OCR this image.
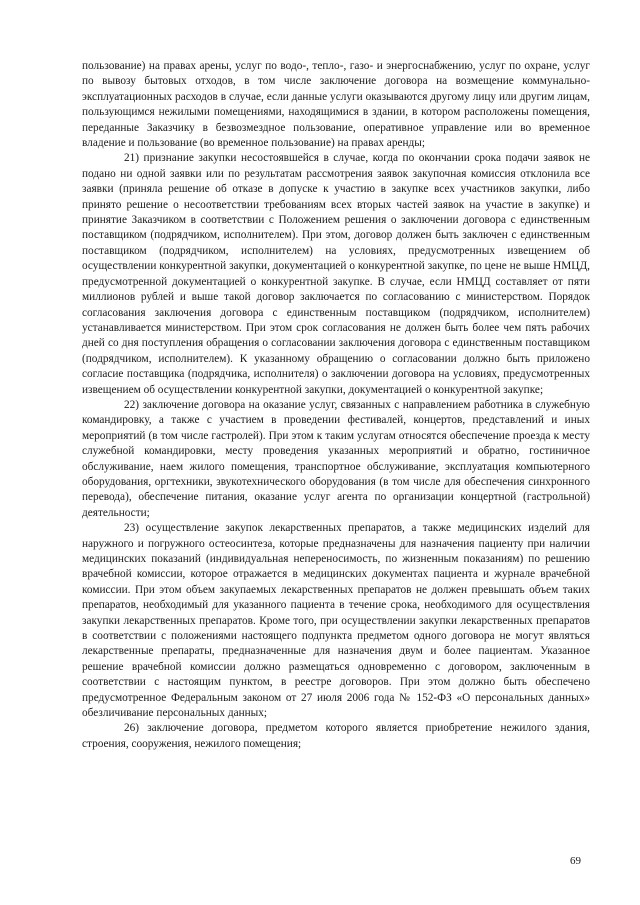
пользование) на правах арены, услуг по водо-, тепло-, газо- и энергоснабжению, услуг по охране, услуг по вывозу бытовых отходов, в том числе заключение договора на возмещение коммунально-эксплуатационных расходов в случае, если данные услуги оказываются другому лицу или другим лицам, пользующимся нежилыми помещениями, находящимися в здании, в котором расположены помещения, переданные Заказчику в безвозмездное пользование, оперативное управление или во временное владение и пользование (во временное пользование) на правах аренды;

21) признание закупки несостоявшейся в случае, когда по окончании срока подачи заявок не подано ни одной заявки или по результатам рассмотрения заявок закупочная комиссия отклонила все заявки (приняла решение об отказе в допуске к участию в закупке всех участников закупки, либо принято решение о несоответствии требованиям всех вторых частей заявок на участие в закупке) и принятие Заказчиком в соответствии с Положением решения о заключении договора с единственным поставщиком (подрядчиком, исполнителем). При этом, договор должен быть заключен с единственным поставщиком (подрядчиком, исполнителем) на условиях, предусмотренных извещением об осуществлении конкурентной закупки, документацией о конкурентной закупке, по цене не выше НМЦД, предусмотренной документацией о конкурентной закупке. В случае, если НМЦД составляет от пяти миллионов рублей и выше такой договор заключается по согласованию с министерством. Порядок согласования заключения договора с единственным поставщиком (подрядчиком, исполнителем) устанавливается министерством. При этом срок согласования не должен быть более чем пять рабочих дней со дня поступления обращения о согласовании заключения договора с единственным поставщиком (подрядчиком, исполнителем). К указанному обращению о согласовании должно быть приложено согласие поставщика (подрядчика, исполнителя) о заключении договора на условиях, предусмотренных извещением об осуществлении конкурентной закупки, документацией о конкурентной закупке;

22) заключение договора на оказание услуг, связанных с направлением работника в служебную командировку, а также с участием в проведении фестивалей, концертов, представлений и иных мероприятий (в том числе гастролей). При этом к таким услугам относятся обеспечение проезда к месту служебной командировки, месту проведения указанных мероприятий и обратно, гостиничное обслуживание, наем жилого помещения, транспортное обслуживание, эксплуатация компьютерного оборудования, оргтехники, звукотехнического оборудования (в том числе для обеспечения синхронного перевода), обеспечение питания, оказание услуг агента по организации концертной (гастрольной) деятельности;

23) осуществление закупок лекарственных препаратов, а также медицинских изделий для наружного и погружного остеосинтеза, которые предназначены для назначения пациенту при наличии медицинских показаний (индивидуальная непереносимость, по жизненным показаниям) по решению врачебной комиссии, которое отражается в медицинских документах пациента и журнале врачебной комиссии. При этом объем закупаемых лекарственных препаратов не должен превышать объем таких препаратов, необходимый для указанного пациента в течение срока, необходимого для осуществления закупки лекарственных препаратов. Кроме того, при осуществлении закупки лекарственных препаратов в соответствии с положениями настоящего подпункта предметом одного договора не могут являться лекарственные препараты, предназначенные для назначения двум и более пациентам. Указанное решение врачебной комиссии должно размещаться одновременно с договором, заключенным в соответствии с настоящим пунктом, в реестре договоров. При этом должно быть обеспечено предусмотренное Федеральным законом от 27 июля 2006 года № 152-ФЗ «О персональных данных» обезличивание персональных данных;

26) заключение договора, предметом которого является приобретение нежилого здания, строения, сооружения, нежилого помещения;

69
